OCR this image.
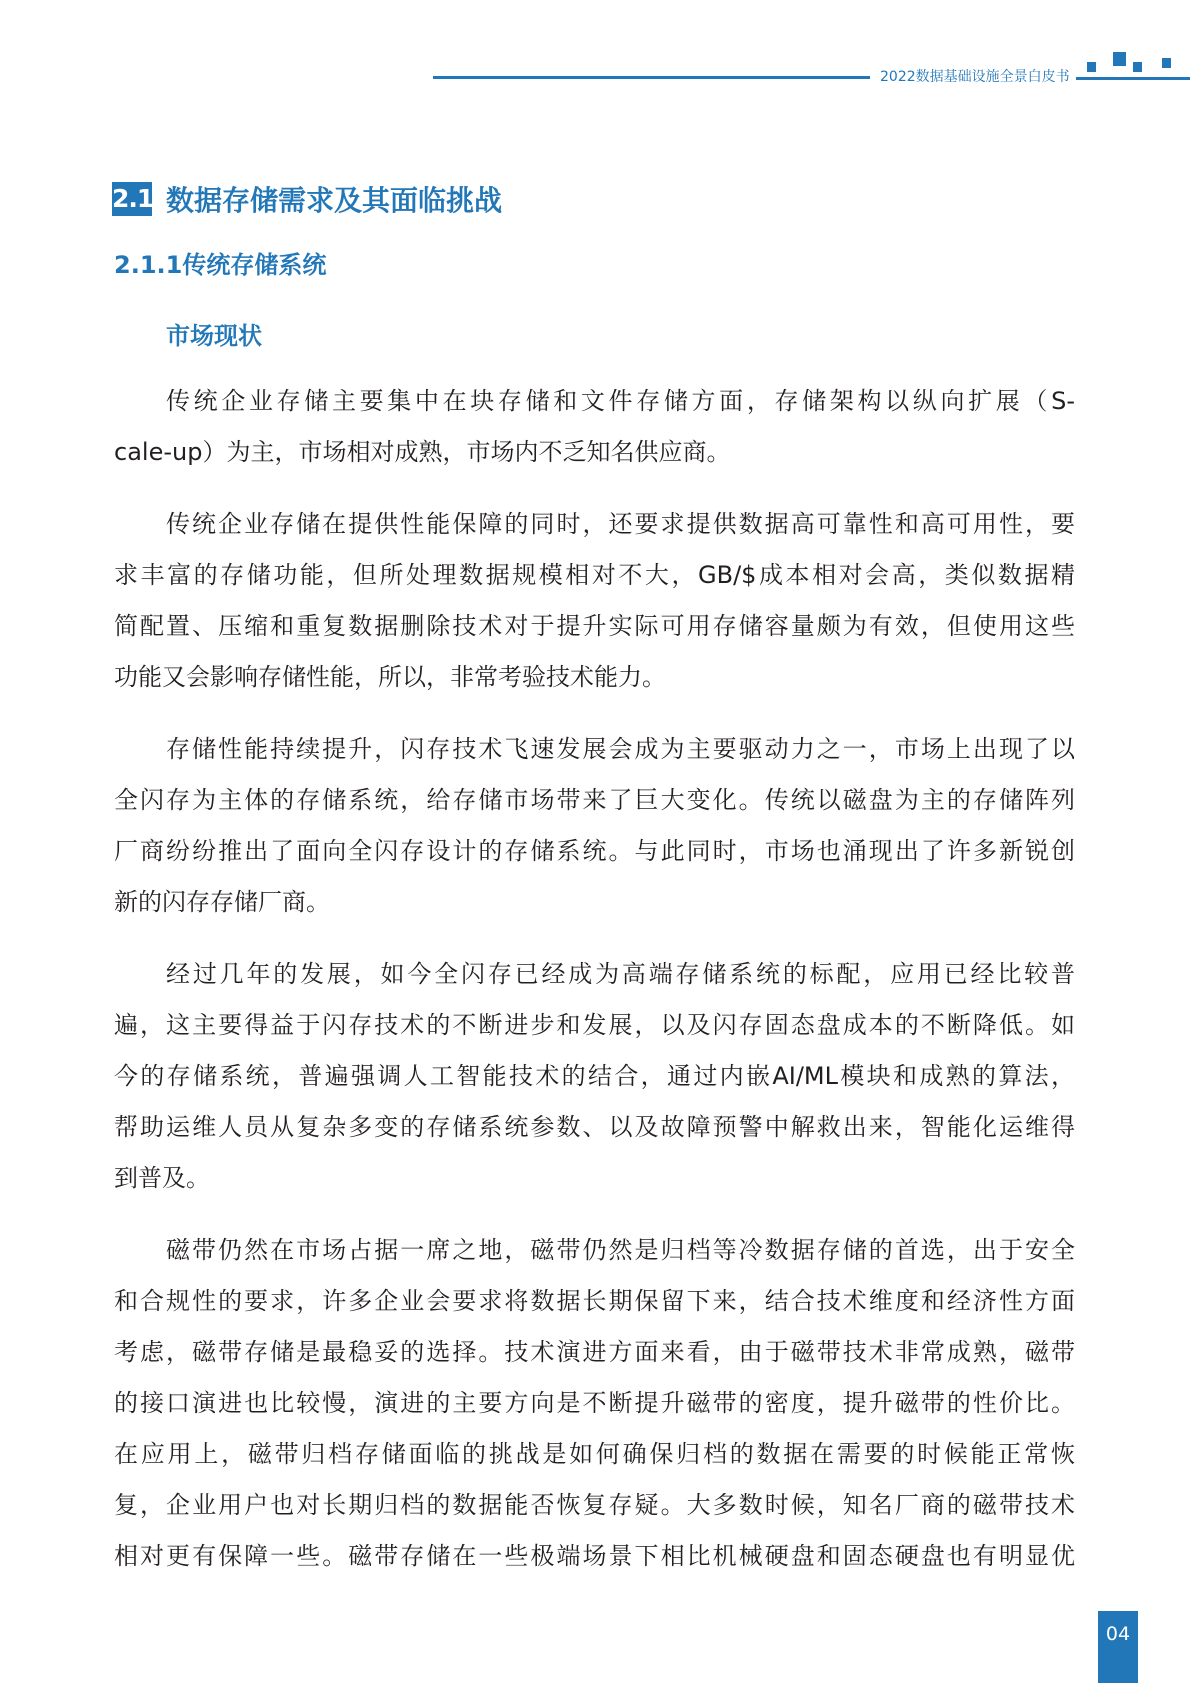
2022数据基础设施全景白皮书
2.1 数据存储需求及其面临挑战
2.1.1传统存储系统
市场现状
传统企业存储主要集中在块存储和文件存储方面，存储架构以纵向扩展（S-
cale-up）为主，市场相对成熟，市场内不乏知名供应商。
传统企业存储在提供性能保障的同时，还要求提供数据高可靠性和高可用性，要
求丰富的存储功能，但所处理数据规模相对不大，GB/$成本相对会高，类似数据精
简配置、压缩和重复数据删除技术对于提升实际可用存储容量颇为有效，但使用这些
功能又会影响存储性能，所以，非常考验技术能力。
存储性能持续提升，闪存技术飞速发展会成为主要驱动力之一，市场上出现了以
全闪存为主体的存储系统，给存储市场带来了巨大变化。传统以磁盘为主的存储阵列
厂商纷纷推出了面向全闪存设计的存储系统。与此同时，市场也涌现出了许多新锐创
新的闪存存储厂商。
经过几年的发展，如今全闪存已经成为高端存储系统的标配，应用已经比较普
遍，这主要得益于闪存技术的不断进步和发展，以及闪存固态盘成本的不断降低。如
今的存储系统，普遍强调人工智能技术的结合，通过内嵌AI/ML模块和成熟的算法，
帮助运维人员从复杂多变的存储系统参数、以及故障预警中解救出来，智能化运维得
到普及。
磁带仍然在市场占据一席之地，磁带仍然是归档等冷数据存储的首选，出于安全
和合规性的要求，许多企业会要求将数据长期保留下来，结合技术维度和经济性方面
考虑，磁带存储是最稳妥的选择。技术演进方面来看，由于磁带技术非常成熟，磁带
的接口演进也比较慢，演进的主要方向是不断提升磁带的密度，提升磁带的性价比。
在应用上，磁带归档存储面临的挑战是如何确保归档的数据在需要的时候能正常恢
复，企业用户也对长期归档的数据能否恢复存疑。大多数时候，知名厂商的磁带技术
相对更有保障一些。磁带存储在一些极端场景下相比机械硬盘和固态硬盘也有明显优
04
